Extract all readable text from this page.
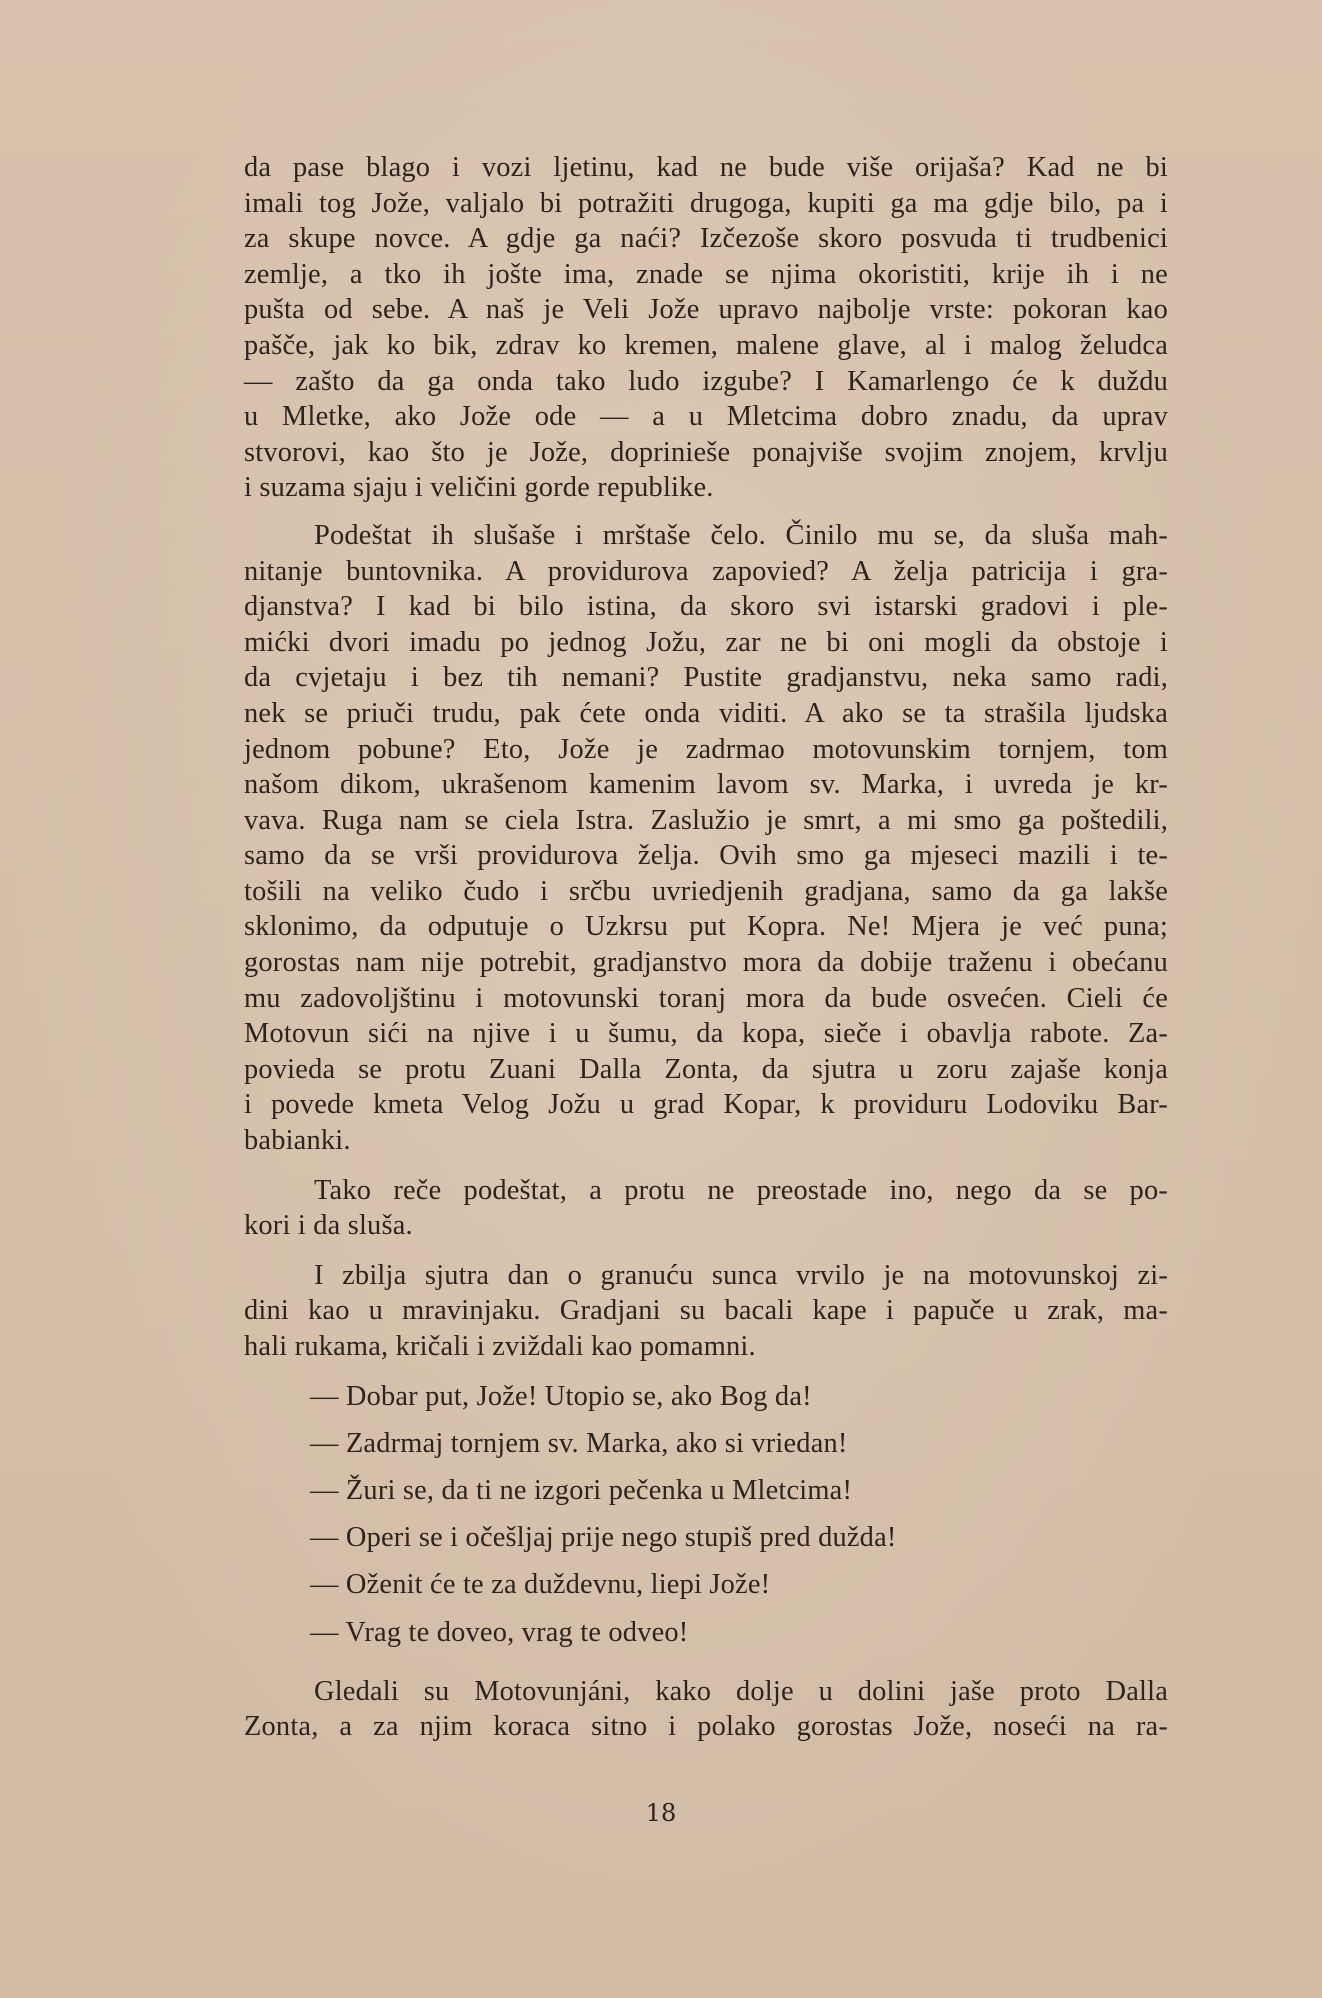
da pase blago i vozi ljetinu, kad ne bude više orijaša? Kad ne bi
imali tog Jože, valjalo bi potražiti drugoga, kupiti ga ma gdje bilo, pa i
za skupe novce. A gdje ga naći? Izčezoše skoro posvuda ti trudbenici
zemlje, a tko ih jošte ima, znade se njima okoristiti, krije ih i ne
pušta od sebe. A naš je Veli Jože upravo najbolje vrste: pokoran kao
pašče, jak ko bik, zdrav ko kremen, malene glave, al i malog želudca
— zašto da ga onda tako ludo izgube? I Kamarlengo će k duždu
u Mletke, ako Jože ode — a u Mletcima dobro znadu, da uprav
stvorovi, kao što je Jože, doprinieše ponajviše svojim znojem, krvlju
i suzama sjaju i veličini gorde republike.
Podeštat ih slušaše i mrštaše čelo. Činilo mu se, da sluša mah-
nitanje buntovnika. A providurova zapovied? A želja patricija i gra-
djanstva? I kad bi bilo istina, da skoro svi istarski gradovi i ple-
mićki dvori imadu po jednog Jožu, zar ne bi oni mogli da obstoje i
da cvjetaju i bez tih nemani? Pustite gradjanstvu, neka samo radi,
nek se priuči trudu, pak ćete onda viditi. A ako se ta strašila ljudska
jednom pobune? Eto, Jože je zadrmao motovunskim tornjem, tom
našom dikom, ukrašenom kamenim lavom sv. Marka, i uvreda je kr-
vava. Ruga nam se ciela Istra. Zaslužio je smrt, a mi smo ga poštedili,
samo da se vrši providurova želja. Ovih smo ga mjeseci mazili i te-
tošili na veliko čudo i srčbu uvriedjenih gradjana, samo da ga lakše
sklonimo, da odputuje o Uzkrsu put Kopra. Ne! Mjera je već puna;
gorostas nam nije potrebit, gradjanstvo mora da dobije traženu i obećanu
mu zadovoljštinu i motovunski toranj mora da bude osvećen. Cieli će
Motovun sići na njive i u šumu, da kopa, sieče i obavlja rabote. Za-
povieda se protu Zuani Dalla Zonta, da sjutra u zoru zajaše konja
i povede kmeta Velog Jožu u grad Kopar, k providuru Lodoviku Bar-
babianki.
Tako reče podeštat, a protu ne preostade ino, nego da se po-
kori i da sluša.
I zbilja sjutra dan o granuću sunca vrvilo je na motovunskoj zi-
dini kao u mravinjaku. Gradjani su bacali kape i papuče u zrak, ma-
hali rukama, kričali i zviždali kao pomamni.
— Dobar put, Jože! Utopio se, ako Bog da!
— Zadrmaj tornjem sv. Marka, ako si vriedan!
— Žuri se, da ti ne izgori pečenka u Mletcima!
— Operi se i očešljaj prije nego stupiš pred dužda!
— Oženit će te za duždevnu, liepi Jože!
— Vrag te doveo, vrag te odveo!
Gledali su Motovunjáni, kako dolje u dolini jaše proto Dalla
Zonta, a za njim koraca sitno i polako gorostas Jože, noseći na ra-
18
